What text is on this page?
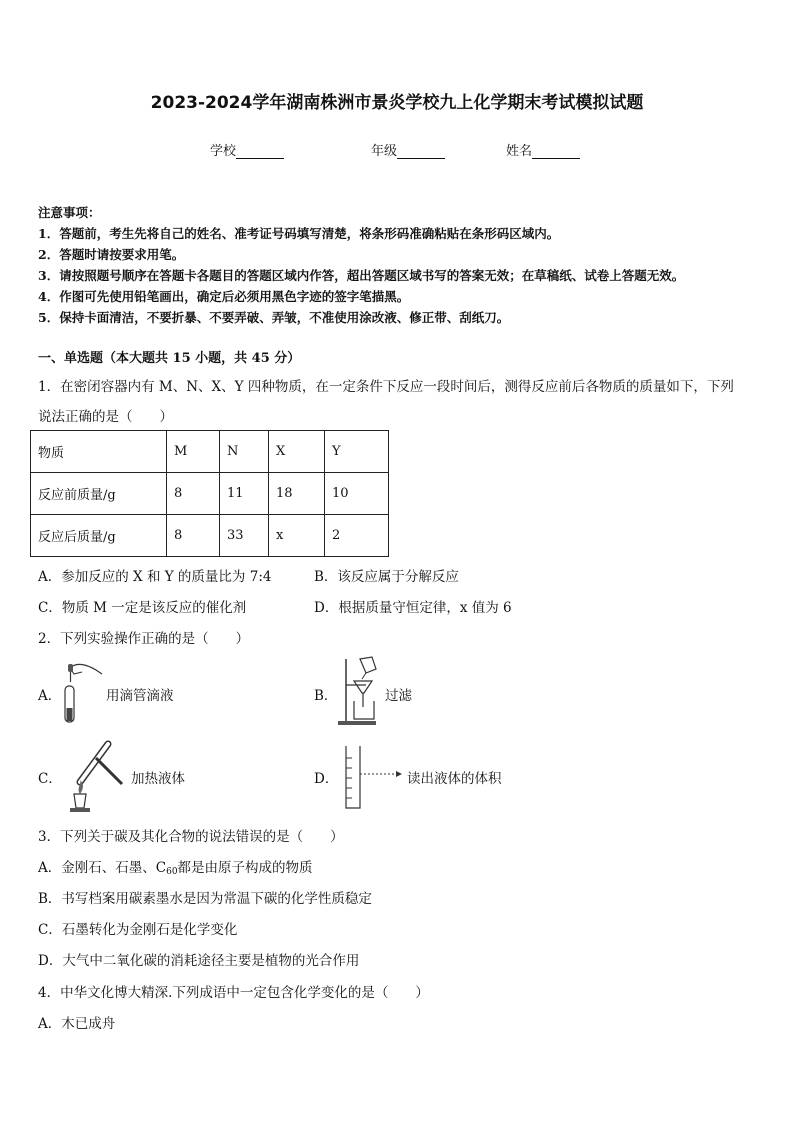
2023-2024学年湖南株洲市景炎学校九上化学期末考试模拟试题
学校	年级	姓名
注意事项：
1．答题前，考生先将自己的姓名、准考证号码填写清楚，将条形码准确粘贴在条形码区域内。
2．答题时请按要求用笔。
3．请按照题号顺序在答题卡各题目的答题区域内作答，超出答题区域书写的答案无效；在草稿纸、试卷上答题无效。
4．作图可先使用铅笔画出，确定后必须用黑色字迹的签字笔描黑。
5．保持卡面清洁，不要折暴、不要弄破、弄皱，不准使用涂改液、修正带、刮纸刀。
一、单选题（本大题共 15 小题，共 45 分）
1．在密闭容器内有 M、N、X、Y 四种物质，在一定条件下反应一段时间后，测得反应前后各物质的质量如下，下列
说法正确的是（　　）
物质	M	N	X	Y
反应前质量/g	8	11	18	10
反应后质量/g	8	33	x	2
A．参加反应的 X 和 Y 的质量比为 7:4	B．该反应属于分解反应
C．物质 M 一定是该反应的催化剂	D．根据质量守恒定律，x 值为 6
2．下列实验操作正确的是（　　）
A．	用滴管滴液	B．	过滤
C．	加热液体	D．	读出液体的体积
3．下列关于碳及其化合物的说法错误的是（　　）
A．金刚石、石墨、$C_{60}$都是由原子构成的物质
B．书写档案用碳素墨水是因为常温下碳的化学性质稳定
C．石墨转化为金刚石是化学变化
D．大气中二氧化碳的消耗途径主要是植物的光合作用
4．中华文化博大精深.下列成语中一定包含化学变化的是（　　）
A．木已成舟
